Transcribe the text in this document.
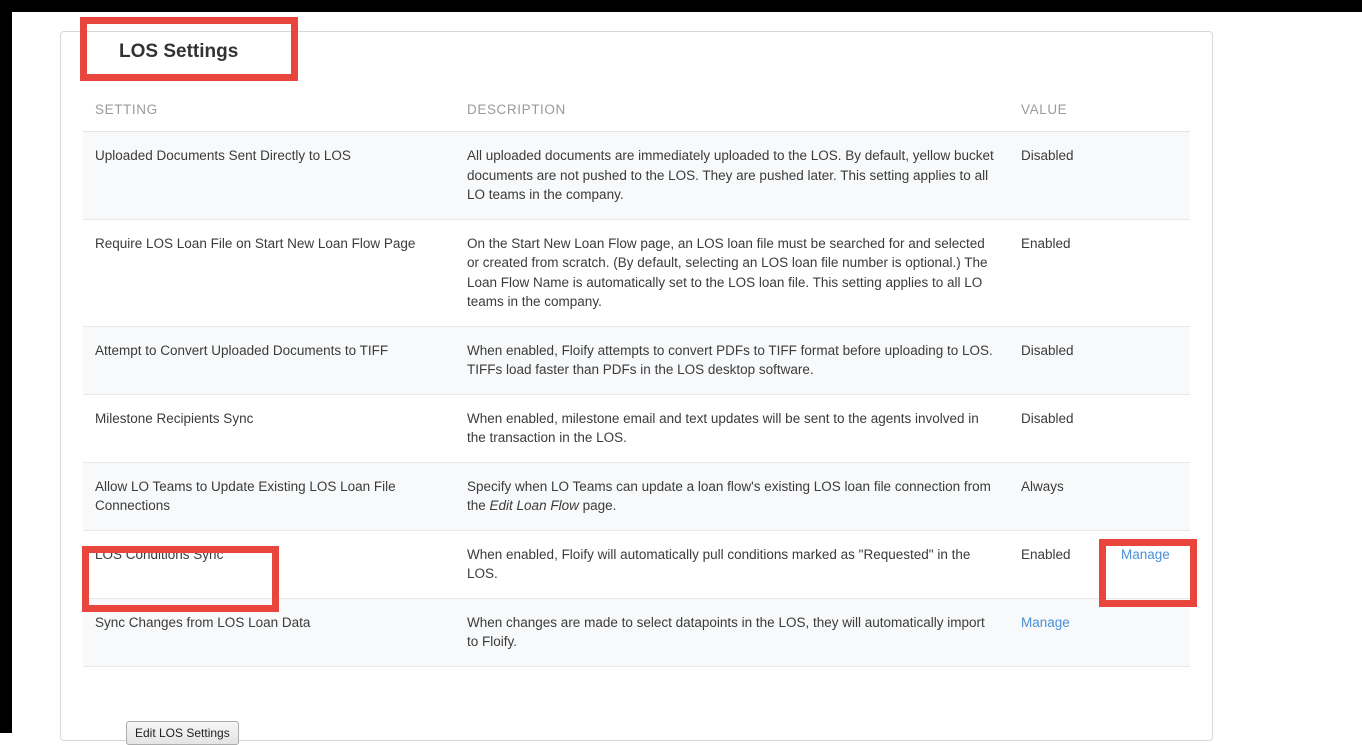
LOS Settings
SETTING	DESCRIPTION	VALUE	
Uploaded Documents Sent Directly to LOS	All uploaded documents are immediately uploaded to the LOS. By default, yellow bucket documents are not pushed to the LOS. They are pushed later. This setting applies to all LO teams in the company.	Disabled	
Require LOS Loan File on Start New Loan Flow Page	On the Start New Loan Flow page, an LOS loan file must be searched for and selected or created from scratch. (By default, selecting an LOS loan file number is optional.) The Loan Flow Name is automatically set to the LOS loan file. This setting applies to all LO teams in the company.	Enabled	
Attempt to Convert Uploaded Documents to TIFF	When enabled, Floify attempts to convert PDFs to TIFF format before uploading to LOS. TIFFs load faster than PDFs in the LOS desktop software.	Disabled	
Milestone Recipients Sync	When enabled, milestone email and text updates will be sent to the agents involved in the transaction in the LOS.	Disabled	
Allow LO Teams to Update Existing LOS Loan File Connections	Specify when LO Teams can update a loan flow's existing LOS loan file connection from the Edit Loan Flow page.	Always	
LOS Conditions Sync	When enabled, Floify will automatically pull conditions marked as "Requested" in the LOS.	Enabled	Manage
Sync Changes from LOS Loan Data	When changes are made to select datapoints in the LOS, they will automatically import to Floify.	Manage	
Edit LOS Settings
